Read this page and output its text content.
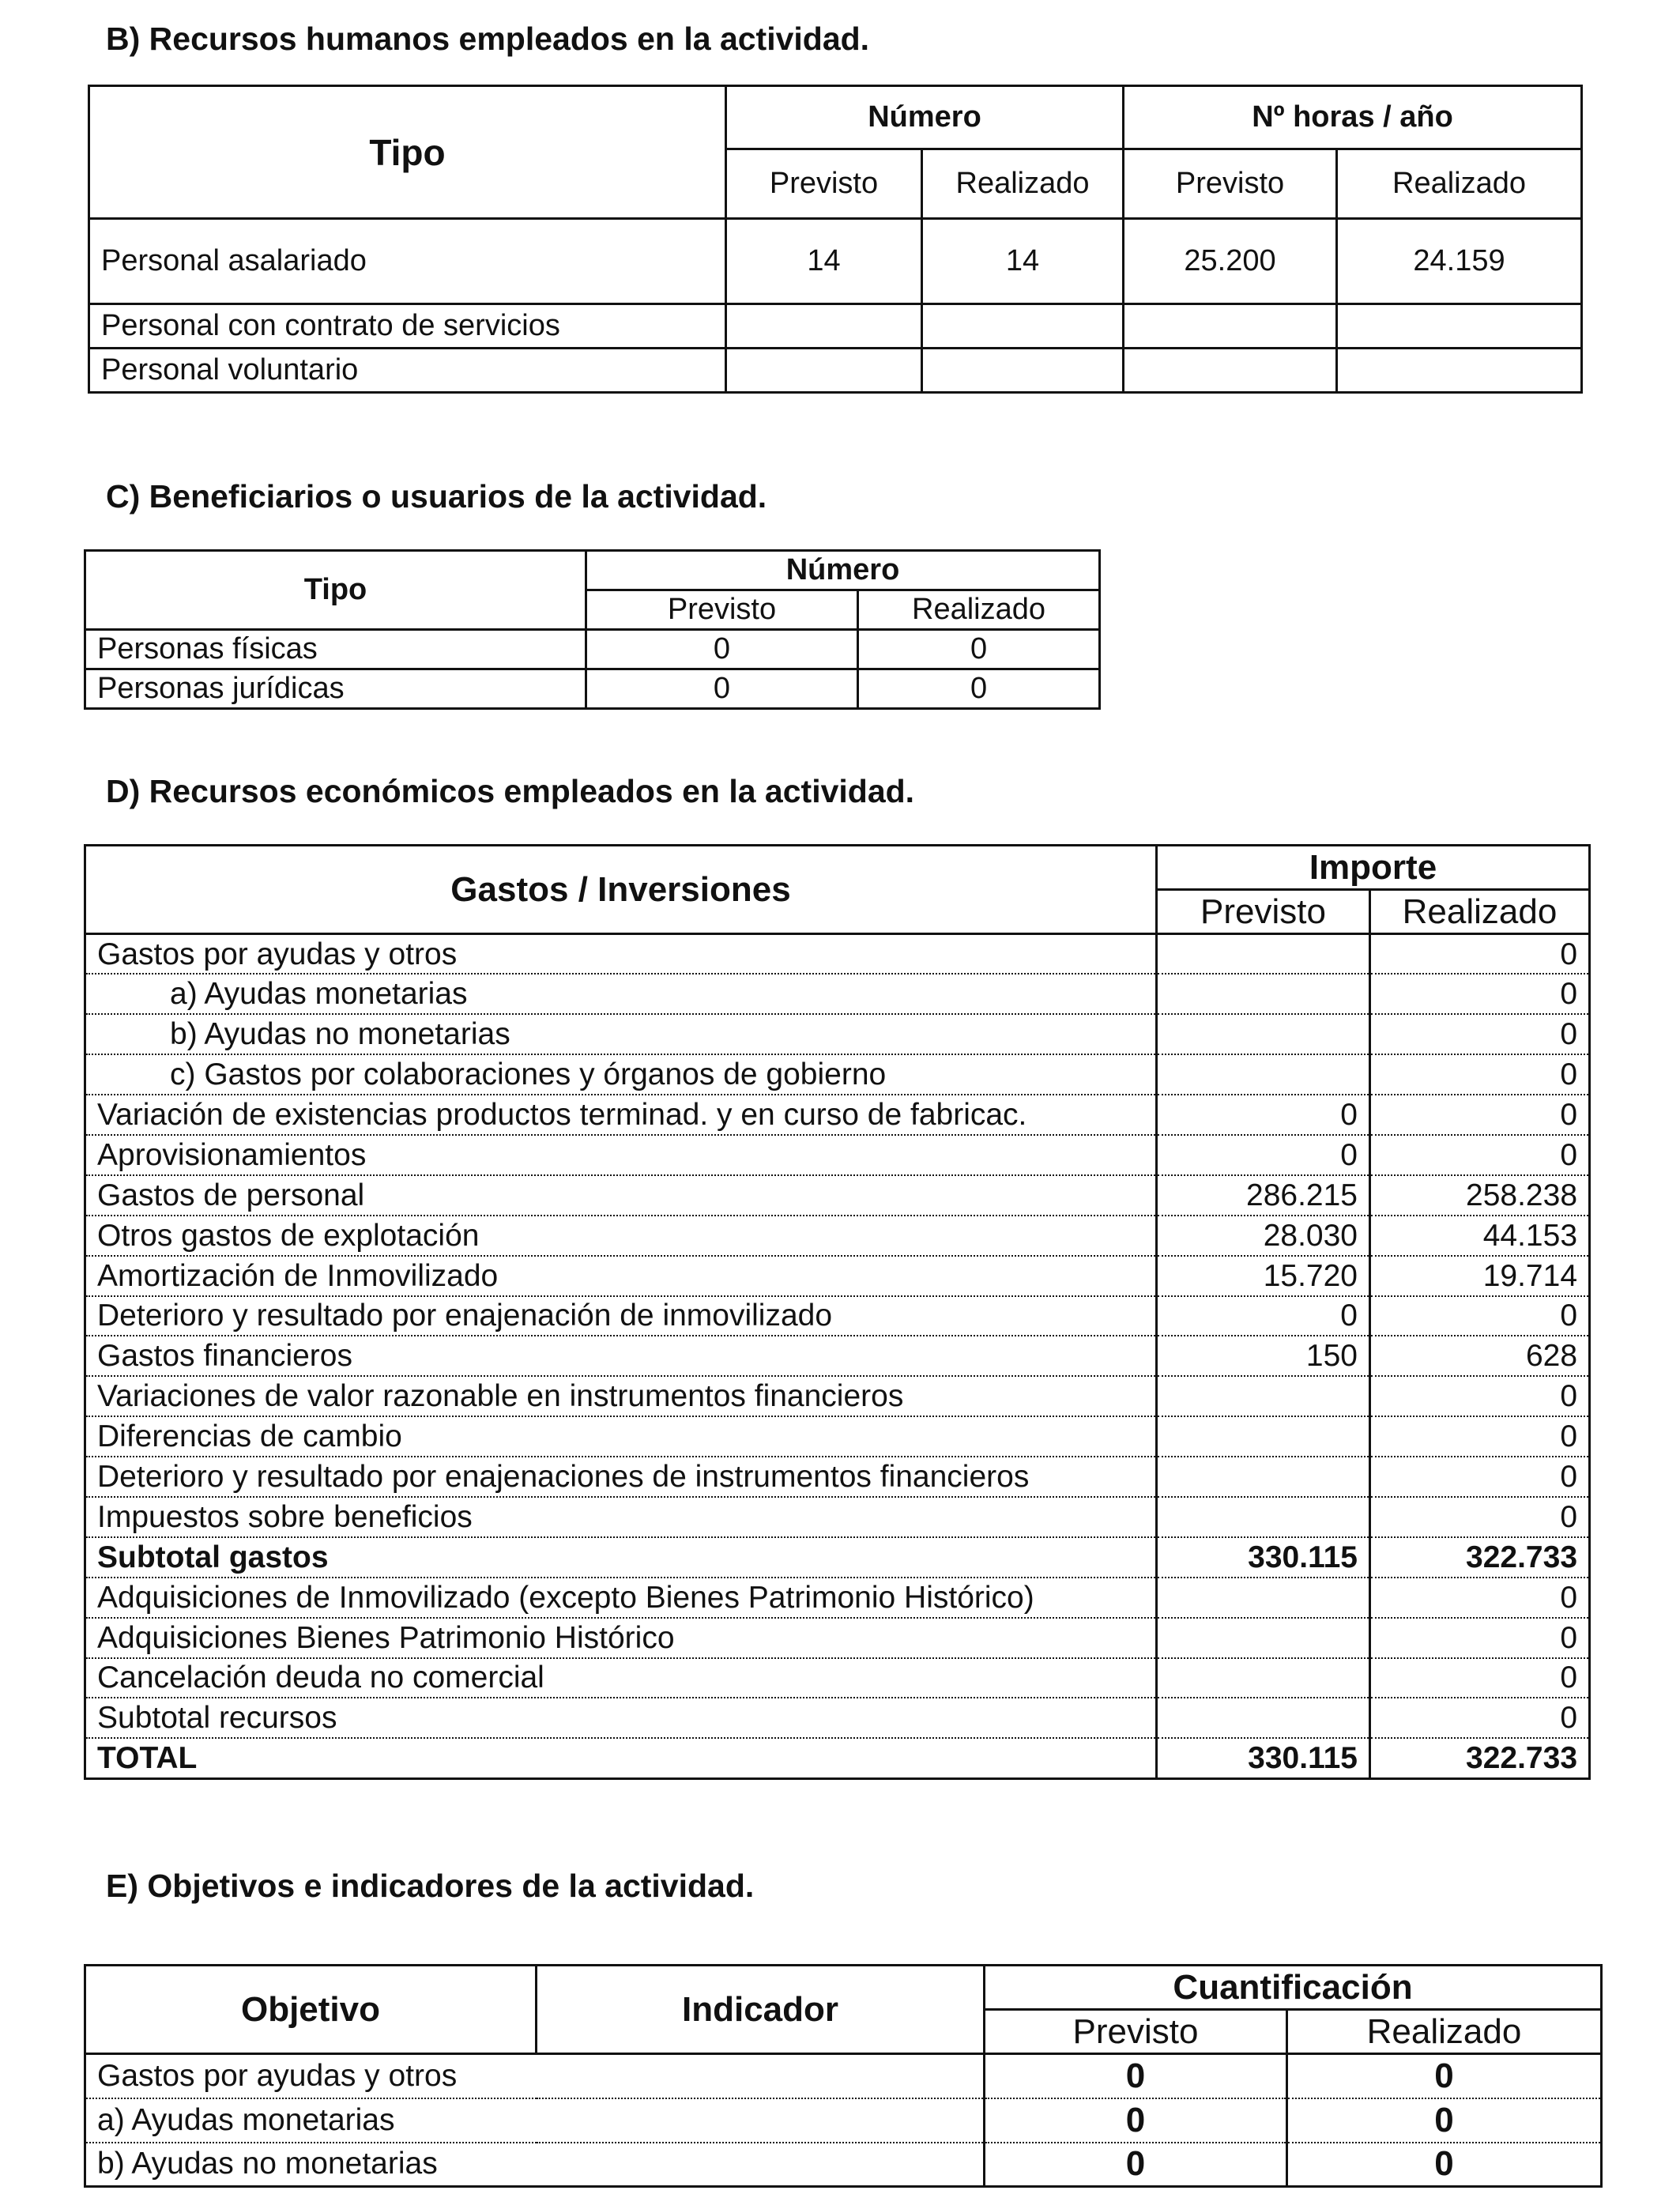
B) Recursos humanos empleados en la actividad.
Tipo	Número		Nº horas / año	
	Previsto	Realizado	Previsto	Realizado
Personal asalariado	14	14	25.200	24.159
Personal con contrato de servicios				
Personal voluntario				
C) Beneficiarios o usuarios de la actividad.
Tipo	Número	
	Previsto	Realizado
Personas físicas	0	0
Personas jurídicas	0	0
D) Recursos económicos empleados en la actividad.
Gastos / Inversiones	Importe	
	Previsto	Realizado
Gastos por ayudas y otros		0
a) Ayudas monetarias		0
b) Ayudas no monetarias		0
c) Gastos por colaboraciones y órganos de gobierno		0
Variación de existencias productos terminad. y en curso de fabricac.	0	0
Aprovisionamientos	0	0
Gastos de personal	286.215	258.238
Otros gastos de explotación	28.030	44.153
Amortización de Inmovilizado	15.720	19.714
Deterioro y resultado por enajenación de inmovilizado	0	0
Gastos financieros	150	628
Variaciones de valor razonable en instrumentos financieros		0
Diferencias de cambio		0
Deterioro y resultado por enajenaciones de instrumentos financieros		0
Impuestos sobre beneficios		0
Subtotal gastos	330.115	322.733
Adquisiciones de Inmovilizado (excepto Bienes Patrimonio Histórico)		0
Adquisiciones Bienes Patrimonio Histórico		0
Cancelación deuda no comercial		0
Subtotal recursos		0
TOTAL	330.115	322.733
E) Objetivos e indicadores de la actividad.
Objetivo	Indicador	Cuantificación	
		Previsto	Realizado
Gastos por ayudas y otros		0	0
a) Ayudas monetarias		0	0
b) Ayudas no monetarias		0	0
